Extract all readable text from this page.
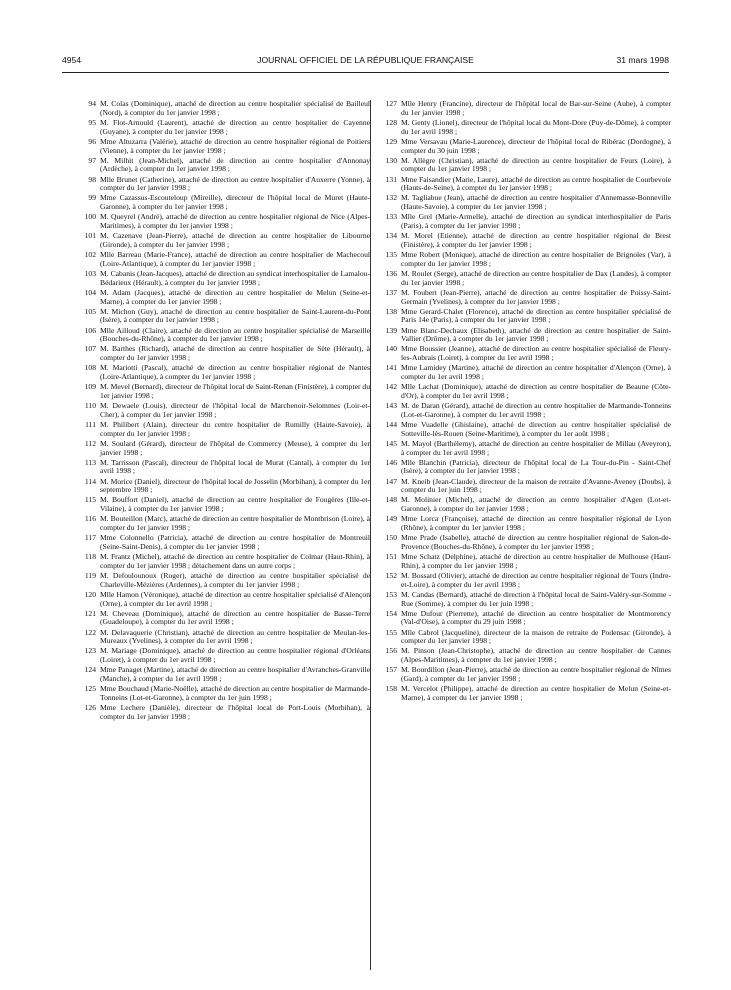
4954	JOURNAL OFFICIEL DE LA RÉPUBLIQUE FRANÇAISE	31 mars 1998
94 M. Colas (Dominique), attaché de direction au centre hospitalier spécialisé de Bailleul (Nord), à compter du 1er janvier 1998 ;
95 M. Flot-Arnould (Laurent), attaché de direction au centre hospitalier de Cayenne (Guyane), à compter du 1er janvier 1998 ;
96 Mme Altuzarra (Valérie), attaché de direction au centre hospitalier régional de Poitiers (Vienne), à compter du 1er janvier 1998 ;
97 M. Milhit (Jean-Michel), attaché de direction au centre hospitalier d'Annonay (Ardèche), à compter du 1er janvier 1998 ;
98 Mlle Brunet (Catherine), attaché de direction au centre hospitalier d'Auxerre (Yonne), à compter du 1er janvier 1998 ;
99 Mme Cazassus-Escouteloup (Mireille), directeur de l'hôpital local de Muret (Haute-Garonne), à compter du 1er janvier 1998 ;
100 M. Queyrel (André), attaché de direction au centre hospitalier régional de Nice (Alpes-Maritimes), à compter du 1er janvier 1998 ;
101 M. Cazenave (Jean-Pierre), attaché de direction au centre hospitalier de Libourne (Gironde), à compter du 1er janvier 1998 ;
102 Mlle Barreau (Marie-France), attaché de direction au centre hospitalier de Machecoul (Loire-Atlantique), à compter du 1er janvier 1998 ;
103 M. Cabanis (Jean-Jacques), attaché de direction au syndicat interhospitalier de Lamalou-Bédarieux (Hérault), à compter du 1er janvier 1998 ;
104 M. Adam (Jacques), attaché de direction au centre hospitalier de Melun (Seine-et-Marne), à compter du 1er janvier 1998 ;
105 M. Michon (Guy), attaché de direction au centre hospitalier de Saint-Laurent-du-Pont (Isère), à compter du 1er janvier 1998 ;
106 Mlle Ailloud (Claire), attaché de direction au centre hospitalier spécialisé de Marseille (Bouches-du-Rhône), à compter du 1er janvier 1998 ;
107 M. Barthes (Richard), attaché de direction au centre hospitalier de Sète (Hérault), à compter du 1er janvier 1998 ;
108 M. Mariotti (Pascal), attaché de direction au centre hospitalier régional de Nantes (Loire-Atlantique), à compter du 1er janvier 1998 ;
109 M. Mevel (Bernard), directeur de l'hôpital local de Saint-Renan (Finistère), à compter du 1er janvier 1998 ;
110 M. Dewaele (Louis), directeur de l'hôpital local de Marchenoir-Selommes (Loir-et-Cher), à compter du 1er janvier 1998 ;
111 M. Philibert (Alain), directeur du centre hospitalier de Rumilly (Haute-Savoie), à compter du 1er janvier 1998 ;
112 M. Soulard (Gérard), directeur de l'hôpital de Commercy (Meuse), à compter du 1er janvier 1998 ;
113 M. Tarrisson (Pascal), directeur de l'hôpital local de Murat (Cantal), à compter du 1er avril 1998 ;
114 M. Morice (Daniel), directeur de l'hôpital local de Josselin (Morbihan), à compter du 1er septembre 1998 ;
115 M. Bouffort (Daniel), attaché de direction au centre hospitalier de Fougères (Ille-et-Vilaine), à compter du 1er janvier 1998 ;
116 M. Bouteillon (Marc), attaché de direction au centre hospitalier de Montbrison (Loire), à compter du 1er janvier 1998 ;
117 Mme Colonnello (Patricia), attaché de direction au centre hospitalier de Montreuil (Seine-Saint-Denis), à compter du 1er janvier 1998 ;
118 M. Frantz (Michel), attaché de direction au centre hospitalier de Colmar (Haut-Rhin), à compter du 1er janvier 1998 ; détachement dans un autre corps ;
119 M. Defoulounoux (Roger), attaché de direction au centre hospitalier spécialisé de Charleville-Mézières (Ardennes), à compter du 1er janvier 1998 ;
120 Mlle Hamon (Véronique), attaché de direction au centre hospitalier spécialisé d'Alençon (Orne), à compter du 1er avril 1998 ;
121 M. Cheveau (Dominique), attaché de direction au centre hospitalier de Basse-Terre (Guadeloupe), à compter du 1er avril 1998 ;
122 M. Delavaquerie (Christian), attaché de direction au centre hospitalier de Meulan-les-Mureaux (Yvelines), à compter du 1er avril 1998 ;
123 M. Mariage (Dominique), attaché de direction au centre hospitalier régional d'Orléans (Loiret), à compter du 1er avril 1998 ;
124 Mme Panaget (Martine), attaché de direction au centre hospitalier d'Avranches-Granville (Manche), à compter du 1er avril 1998 ;
125 Mme Bouchaud (Marie-Noëlle), attaché de direction au centre hospitalier de Marmande-Tonneins (Lot-et-Garonne), à compter du 1er juin 1998 ;
126 Mme Lechere (Danièle), directeur de l'hôpital local de Port-Louis (Morbihan), à compter du 1er janvier 1998 ;
127 Mlle Henry (Francine), directeur de l'hôpital local de Bar-sur-Seine (Aube), à compter du 1er janvier 1998 ;
128 M. Genty (Lionel), directeur de l'hôpital local du Mont-Dore (Puy-de-Dôme), à compter du 1er avril 1998 ;
129 Mme Versavau (Marie-Laurence), directeur de l'hôpital local de Ribérac (Dordogne), à compter du 30 juin 1998 ;
130 M. Allègre (Christian), attaché de direction au centre hospitalier de Feurs (Loire), à compter du 1er janvier 1998 ;
131 Mme Faisandier (Marie, Laure), attaché de direction au centre hospitalier de Courbevoie (Hauts-de-Seine), à compter du 1er janvier 1998 ;
132 M. Tagliabue (Jean), attaché de direction au centre hospitalier d'Annemasse-Bonneville (Haute-Savoie), à compter du 1er janvier 1998 ;
133 Mlle Grel (Marie-Armelle), attaché de direction au syndicat interhospitalier de Paris (Paris), à compter du 1er janvier 1998 ;
134 M. Morel (Etienne), attaché de direction au centre hospitalier régional de Brest (Finistère), à compter du 1er janvier 1998 ;
135 Mme Robert (Monique), attaché de direction au centre hospitalier de Brignoles (Var), à compter du 1er janvier 1998 ;
136 M. Roulet (Serge), attaché de direction au centre hospitalier de Dax (Landes), à compter du 1er janvier 1998 ;
137 M. Foubert (Jean-Pierre), attaché de direction au centre hospitalier de Poissy-Saint-Germain (Yvelines), à compter du 1er janvier 1998 ;
138 Mme Gerard-Chalet (Florence), attaché de direction au centre hospitalier spécialisé de Paris 14e (Paris), à compter du 1er janvier 1998 ;
139 Mme Blanc-Dechaux (Elisabeth), attaché de direction au centre hospitalier de Saint-Vallier (Drôme), à compter du 1er janvier 1998 ;
140 Mme Boussier (Jeanne), attaché de direction au centre hospitalier spécialisé de Fleury-les-Aubrais (Loiret), à compter du 1er avril 1998 ;
141 Mme Lamidey (Martine), attaché de direction au centre hospitalier d'Alençon (Orne), à compter du 1er avril 1998 ;
142 Mlle Lachat (Dominique), attaché de direction au centre hospitalier de Beaune (Côte-d'Or), à compter du 1er avril 1998 ;
143 M. de Daran (Gérard), attaché de direction au centre hospitalier de Marmande-Tonneins (Lot-et-Garonne), à compter du 1er avril 1998 ;
144 Mme Vuadelle (Ghislaine), attaché de direction au centre hospitalier spécialisé de Sotteville-lès-Rouen (Seine-Maritime), à compter du 1er août 1998 ;
145 M. Mayol (Barthélemy), attaché de direction au centre hospitalier de Millau (Aveyron), à compter du 1er avril 1998 ;
146 Mlle Blanchin (Patricia), directeur de l'hôpital local de La Tour-du-Pin - Saint-Chef (Isère), à compter du 1er janvier 1998 ;
147 M. Kneib (Jean-Claude), directeur de la maison de retraite d'Avanne-Aveney (Doubs), à compter du 1er juin 1998 ;
148 M. Molinier (Michel), attaché de direction au centre hospitalier d'Agen (Lot-et-Garonne), à compter du 1er janvier 1998 ;
149 Mme Lorca (Françoise), attaché de direction au centre hospitalier régional de Lyon (Rhône), à compter du 1er janvier 1998 ;
150 Mme Prade (Isabelle), attaché de direction au centre hospitalier régional de Salon-de-Provence (Bouches-du-Rhône), à compter du 1er janvier 1998 ;
151 Mme Schatz (Delphine), attaché de direction au centre hospitalier de Mulhouse (Haut-Rhin), à compter du 1er janvier 1998 ;
152 M. Bossard (Olivier), attaché de direction au centre hospitalier régional de Tours (Indre-et-Loire), à compter du 1er avril 1998 ;
153 M. Candas (Bernard), attaché de direction à l'hôpital local de Saint-Valéry-sur-Somme - Rue (Somme), à compter du 1er juin 1998 ;
154 Mme Dufour (Pierrette), attaché de direction au centre hospitalier de Montmorency (Val-d'Oise), à compter du 29 juin 1998 ;
155 Mlle Cabrol (Jacqueline), directeur de la maison de retraite de Podensac (Gironde), à compter du 1er janvier 1998 ;
156 M. Pinson (Jean-Christophe), attaché de direction au centre hospitalier de Cannes (Alpes-Maritimes), à compter du 1er janvier 1998 ;
157 M. Bourdillon (Jean-Pierre), attaché de direction au centre hospitalier régional de Nîmes (Gard), à compter du 1er janvier 1998 ;
158 M. Vercelot (Philippe), attaché de direction au centre hospitalier de Melun (Seine-et-Marne), à compter du 1er janvier 1998 ;
